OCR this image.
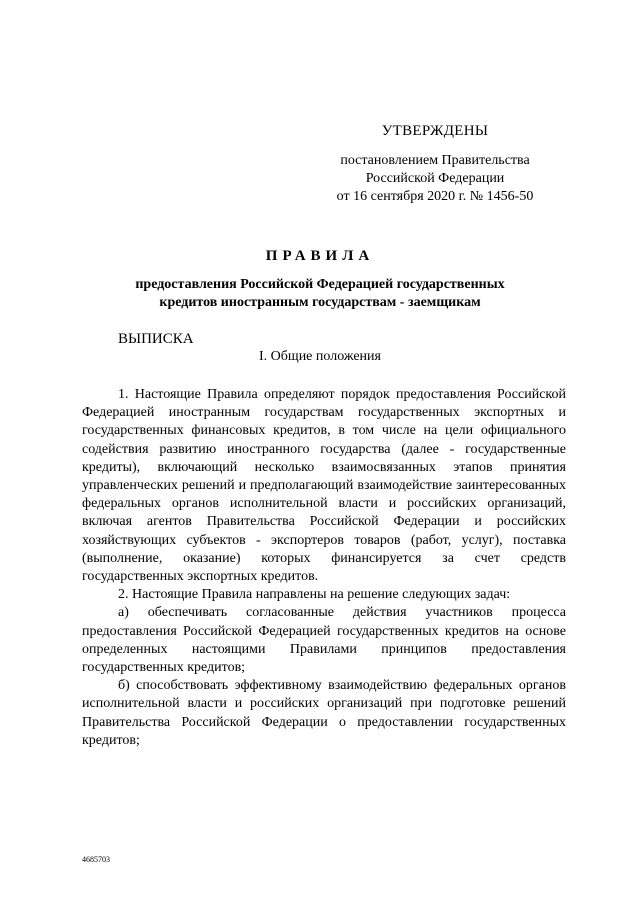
УТВЕРЖДЕНЫ
постановлением Правительства
Российской Федерации
от 16 сентября 2020 г. № 1456-50
ПРАВИЛА
предоставления Российской Федерацией государственных
кредитов иностранным государствам - заемщикам
ВЫПИСКА
I. Общие положения

1. Настоящие Правила определяют порядок предоставления Российской Федерацией иностранным государствам государственных экспортных и государственных финансовых кредитов, в том числе на цели официального содействия развитию иностранного государства (далее - государственные кредиты), включающий несколько взаимосвязанных этапов принятия управленческих решений и предполагающий взаимодействие заинтересованных федеральных органов исполнительной власти и российских организаций, включая агентов Правительства Российской Федерации и российских хозяйствующих субъектов - экспортеров товаров (работ, услуг), поставка (выполнение, оказание) которых финансируется за счет средств государственных экспортных кредитов.

2. Настоящие Правила направлены на решение следующих задач:

а) обеспечивать согласованные действия участников процесса предоставления Российской Федерацией государственных кредитов на основе определенных настоящими Правилами принципов предоставления государственных кредитов;

б) способствовать эффективному взаимодействию федеральных органов исполнительной власти и российских организаций при подготовке решений Правительства Российской Федерации о предоставлении государственных кредитов;

4685703
